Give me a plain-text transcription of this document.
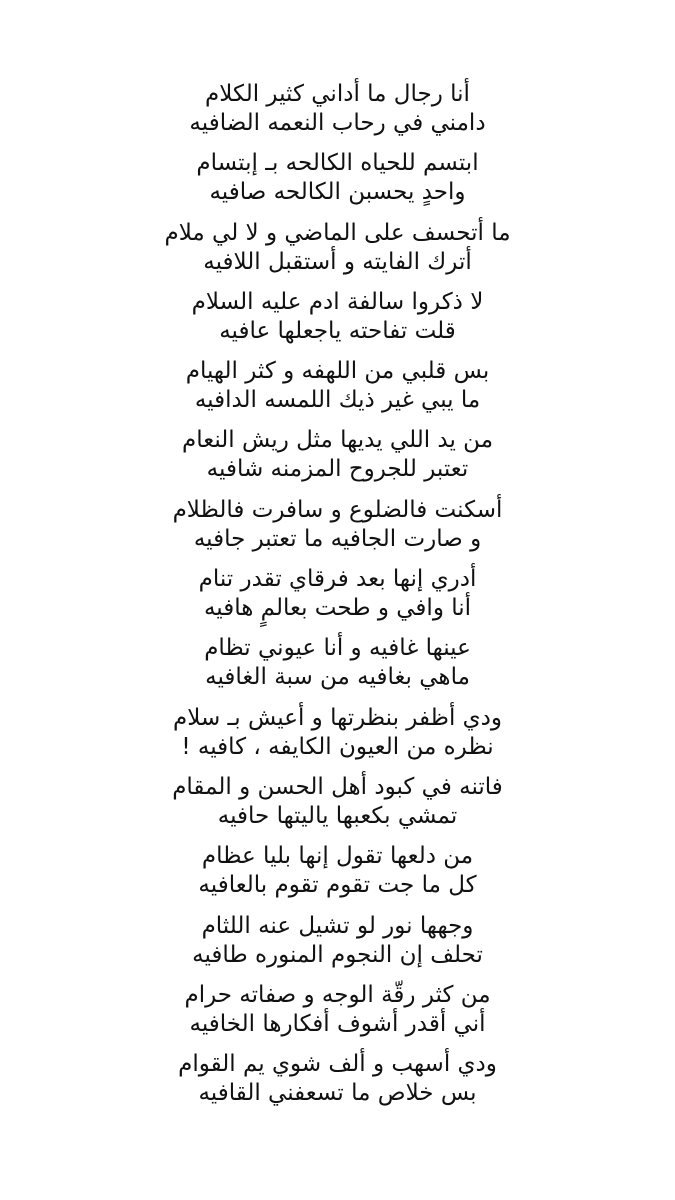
أنا رجال ما أداني كثير الكلام
دامني في رحاب النعمه الضافيه
ابتسم للحياه الكالحه بـ إبتسام
واحدٍ يحسبن الكالحه صافيه
ما أتحسف على الماضي و لا لي ملام
أترك الفايته و أستقبل اللافيه
لا ذكروا سالفة ادم عليه السلام
قلت تفاحته ياجعلها عافيه
بس قلبي من اللهفه و كثر الهيام
ما يبي غير ذيك اللمسه الدافيه
من يد اللي يديها مثل ريش النعام
تعتبر للجروح المزمنه شافيه
أسكنت فالضلوع و سافرت فالظلام
و صارت الجافيه ما تعتبر جافيه
أدري إنها بعد فرقاي تقدر تنام
أنا وافي و طحت بعالمٍ هافيه
عينها غافيه و أنا عيوني تظام
ماهي بغافيه من سبة الغافيه
ودي أظفر بنظرتها و أعيش بـ سلام
نظره من العيون الكايفه ، كافيه !
فاتنه في كبود أهل الحسن و المقام
تمشي بكعبها ياليتها حافيه
من دلعها تقول إنها بليا عظام
كل ما جت تقوم تقوم بالعافيه
وجهها نور لو تشيل عنه اللثام
تحلف إن النجوم المنوره طافيه
من كثر رقّة الوجه و صفاته حرام
أني أقدر أشوف أفكارها الخافيه
ودي أسهب و ألف شوي يم القوام
بس خلاص ما تسعفني القافيه
